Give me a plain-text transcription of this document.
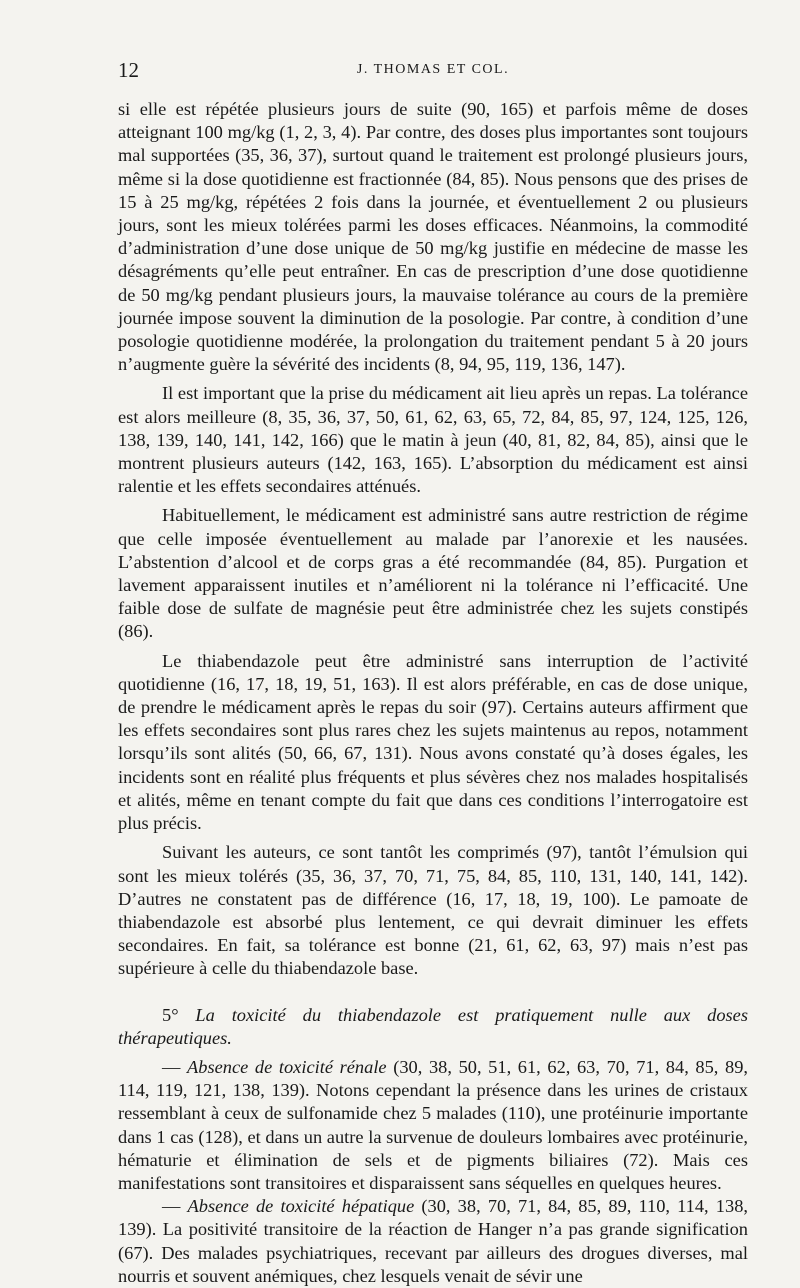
12	J. THOMAS ET COL.

si elle est répétée plusieurs jours de suite (90, 165) et parfois même de doses atteignant 100 mg/kg (1, 2, 3, 4). Par contre, des doses plus importantes sont toujours mal supportées (35, 36, 37), surtout quand le traitement est prolongé plusieurs jours, même si la dose quotidienne est fractionnée (84, 85). Nous pensons que des prises de 15 à 25 mg/kg, répétées 2 fois dans la journée, et éventuellement 2 ou plusieurs jours, sont les mieux tolérées parmi les doses efficaces. Néanmoins, la commodité d’administration d’une dose unique de 50 mg/kg justifie en médecine de masse les désagréments qu’elle peut entraîner. En cas de prescription d’une dose quotidienne de 50 mg/kg pendant plusieurs jours, la mauvaise tolérance au cours de la première journée impose souvent la diminution de la posologie. Par contre, à condition d’une posologie quotidienne modérée, la prolongation du traitement pendant 5 à 20 jours n’augmente guère la sévérité des incidents (8, 94, 95, 119, 136, 147).

Il est important que la prise du médicament ait lieu après un repas. La tolérance est alors meilleure (8, 35, 36, 37, 50, 61, 62, 63, 65, 72, 84, 85, 97, 124, 125, 126, 138, 139, 140, 141, 142, 166) que le matin à jeun (40, 81, 82, 84, 85), ainsi que le montrent plusieurs auteurs (142, 163, 165). L’absorption du médicament est ainsi ralentie et les effets secondaires atténués.

Habituellement, le médicament est administré sans autre restriction de régime que celle imposée éventuellement au malade par l’anorexie et les nausées. L’abstention d’alcool et de corps gras a été recommandée (84, 85). Purgation et lavement apparaissent inutiles et n’améliorent ni la tolérance ni l’efficacité. Une faible dose de sulfate de magnésie peut être administrée chez les sujets constipés (86).

Le thiabendazole peut être administré sans interruption de l’activité quotidienne (16, 17, 18, 19, 51, 163). Il est alors préférable, en cas de dose unique, de prendre le médicament après le repas du soir (97). Certains auteurs affirment que les effets secondaires sont plus rares chez les sujets maintenus au repos, notamment lorsqu’ils sont alités (50, 66, 67, 131). Nous avons constaté qu’à doses égales, les incidents sont en réalité plus fréquents et plus sévères chez nos malades hospitalisés et alités, même en tenant compte du fait que dans ces conditions l’interrogatoire est plus précis.

Suivant les auteurs, ce sont tantôt les comprimés (97), tantôt l’émulsion qui sont les mieux tolérés (35, 36, 37, 70, 71, 75, 84, 85, 110, 131, 140, 141, 142). D’autres ne constatent pas de différence (16, 17, 18, 19, 100). Le pamoate de thiabendazole est absorbé plus lentement, ce qui devrait diminuer les effets secondaires. En fait, sa tolérance est bonne (21, 61, 62, 63, 97) mais n’est pas supérieure à celle du thiabendazole base.

5° La toxicité du thiabendazole est pratiquement nulle aux doses thérapeutiques.

— Absence de toxicité rénale (30, 38, 50, 51, 61, 62, 63, 70, 71, 84, 85, 89, 114, 119, 121, 138, 139). Notons cependant la présence dans les urines de cristaux ressemblant à ceux de sulfonamide chez 5 malades (110), une protéinurie importante dans 1 cas (128), et dans un autre la survenue de douleurs lombaires avec protéinurie, hématurie et élimination de sels et de pigments biliaires (72). Mais ces manifestations sont transitoires et disparaissent sans séquelles en quelques heures.

— Absence de toxicité hépatique (30, 38, 70, 71, 84, 85, 89, 110, 114, 138, 139). La positivité transitoire de la réaction de Hanger n’a pas grande signification (67). Des malades psychiatriques, recevant par ailleurs des drogues diverses, mal nourris et souvent anémiques, chez lesquels venait de sévir une
